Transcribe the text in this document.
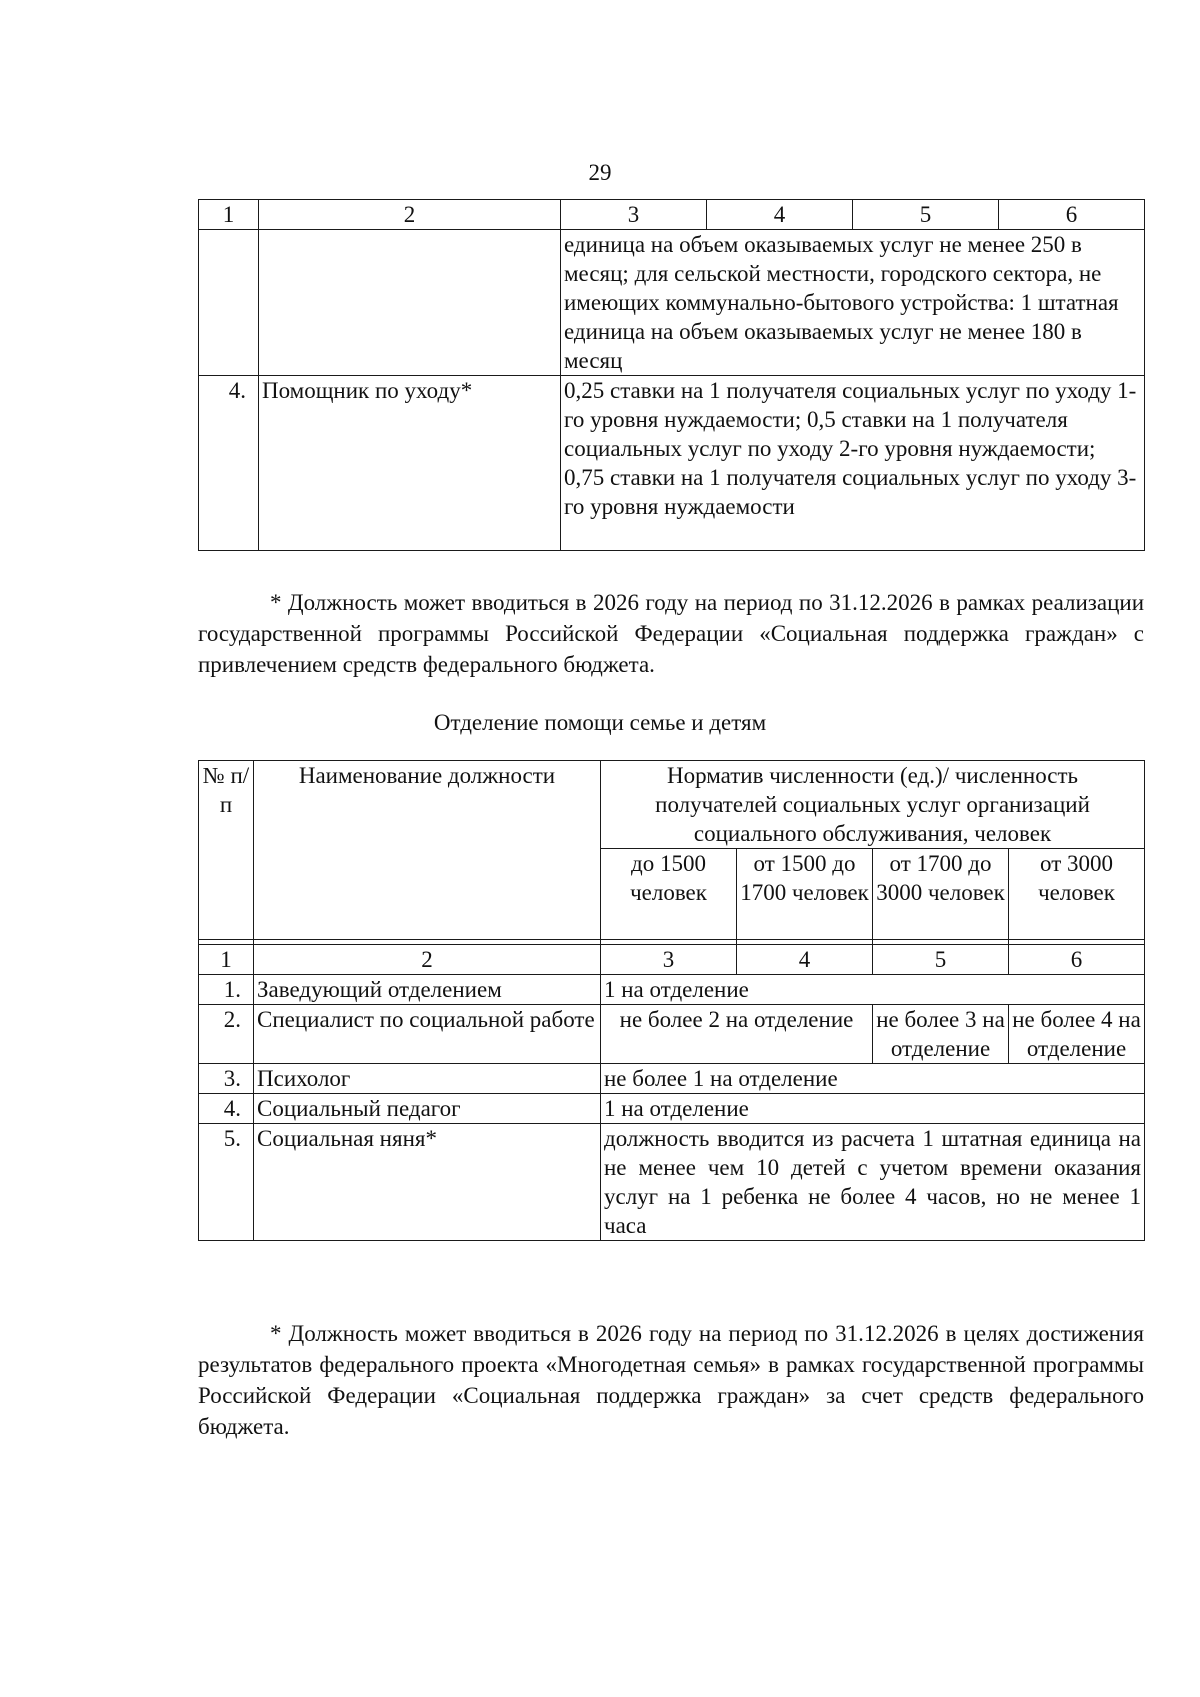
29
1	2	3	4	5	6
		единица на объем оказываемых услуг не менее 250 в месяц; для сельской местности, городского сектора, не имеющих коммунально-бытового устройства: 1 штатная единица на объем оказываемых услуг не менее 180 в месяц			
4.	Помощник по уходу*	0,25 ставки на 1 получателя социальных услуг по уходу 1-го уровня нуждаемости; 0,5 ставки на 1 получателя социальных услуг по уходу 2-го уровня нуждаемости; 0,75 ставки на 1 получателя социальных услуг по уходу 3-го уровня нуждаемости			
* Должность может вводиться в 2026 году на период по 31.12.2026 в рамках реализации государственной программы Российской Федерации «Социальная поддержка граждан» с привлечением средств федерального бюджета.
Отделение помощи семье и детям
№ п/п	Наименование должности	Норматив численности (ед.)/ численность получателей социальных услуг организаций социального обслуживания, человек			
		до 1500 человек	от 1500 до 1700 человек	от 1700 до 3000 человек	от 3000 человек

1	2	3	4	5	6
1.	Заведующий отделением	1 на отделение			
2.	Специалист по социальной работе	не более 2 на отделение		не более 3 на отделение	не более 4 на отделение
3.	Психолог	не более 1 на отделение			
4.	Социальный педагог	1 на отделение			
5.	Социальная няня*	должность вводится из расчета 1 штатная единица на не менее чем 10 детей с учетом времени оказания услуг на 1 ребенка не более 4 часов, но не менее 1 часа			
* Должность может вводиться в 2026 году на период по 31.12.2026 в целях достижения результатов федерального проекта «Многодетная семья» в рамках государственной программы Российской Федерации «Социальная поддержка граждан» за счет средств федерального бюджета.
